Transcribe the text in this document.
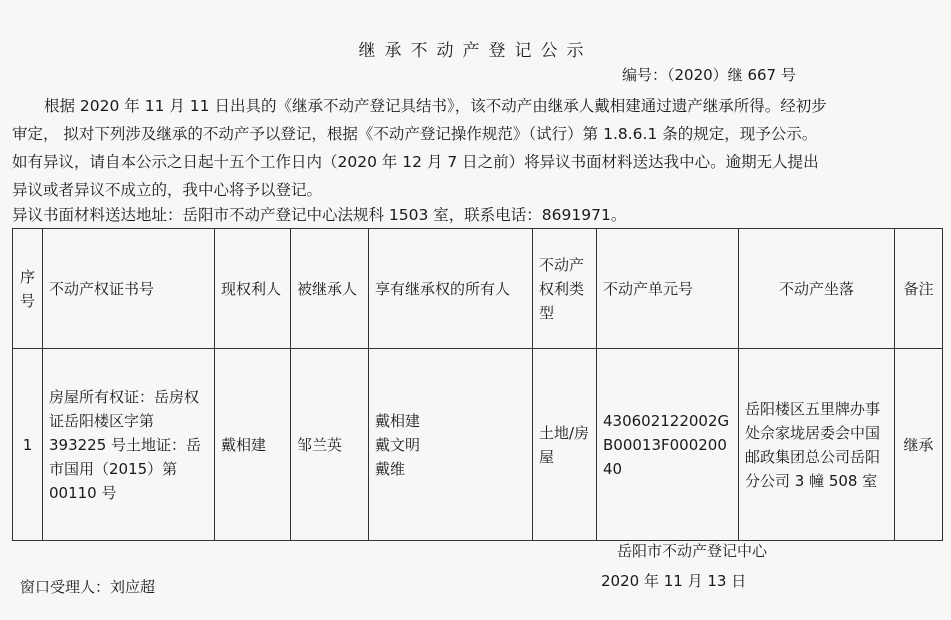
继承不动产登记公示
编号：（2020）继 667 号

根据 2020 年 11 月 11 日出具的《继承不动产登记具结书》，该不动产由继承人戴相建通过遗产继承所得。经初步

审定， 拟对下列涉及继承的不动产予以登记，根据《不动产登记操作规范》（试行）第 1.8.6.1 条的规定，现予公示。

如有异议，请自本公示之日起十五个工作日内（2020 年 12 月 7 日之前）将异议书面材料送达我中心。逾期无人提出

异议或者异议不成立的，我中心将予以登记。

异议书面材料送达地址：岳阳市不动产登记中心法规科 1503 室，联系电话：8691971。
序号	不动产权证书号	现权利人	被继承人	享有继承权的所有人	不动产权利类型	不动产单元号	不动产坐落	备注
1	房屋所有权证：岳房权证岳阳楼区字第 393225 号土地证：岳市国用（2015）第 00110 号	戴相建	邹兰英	戴相建
戴文明
戴维	土地/房屋	430602122002GB00013F00020040	岳阳楼区五里牌办事处佘家垅居委会中国邮政集团总公司岳阳分公司 3 幢 508 室	继承
岳阳市不动产登记中心
2020 年 11 月 13 日
窗口受理人：刘应超
